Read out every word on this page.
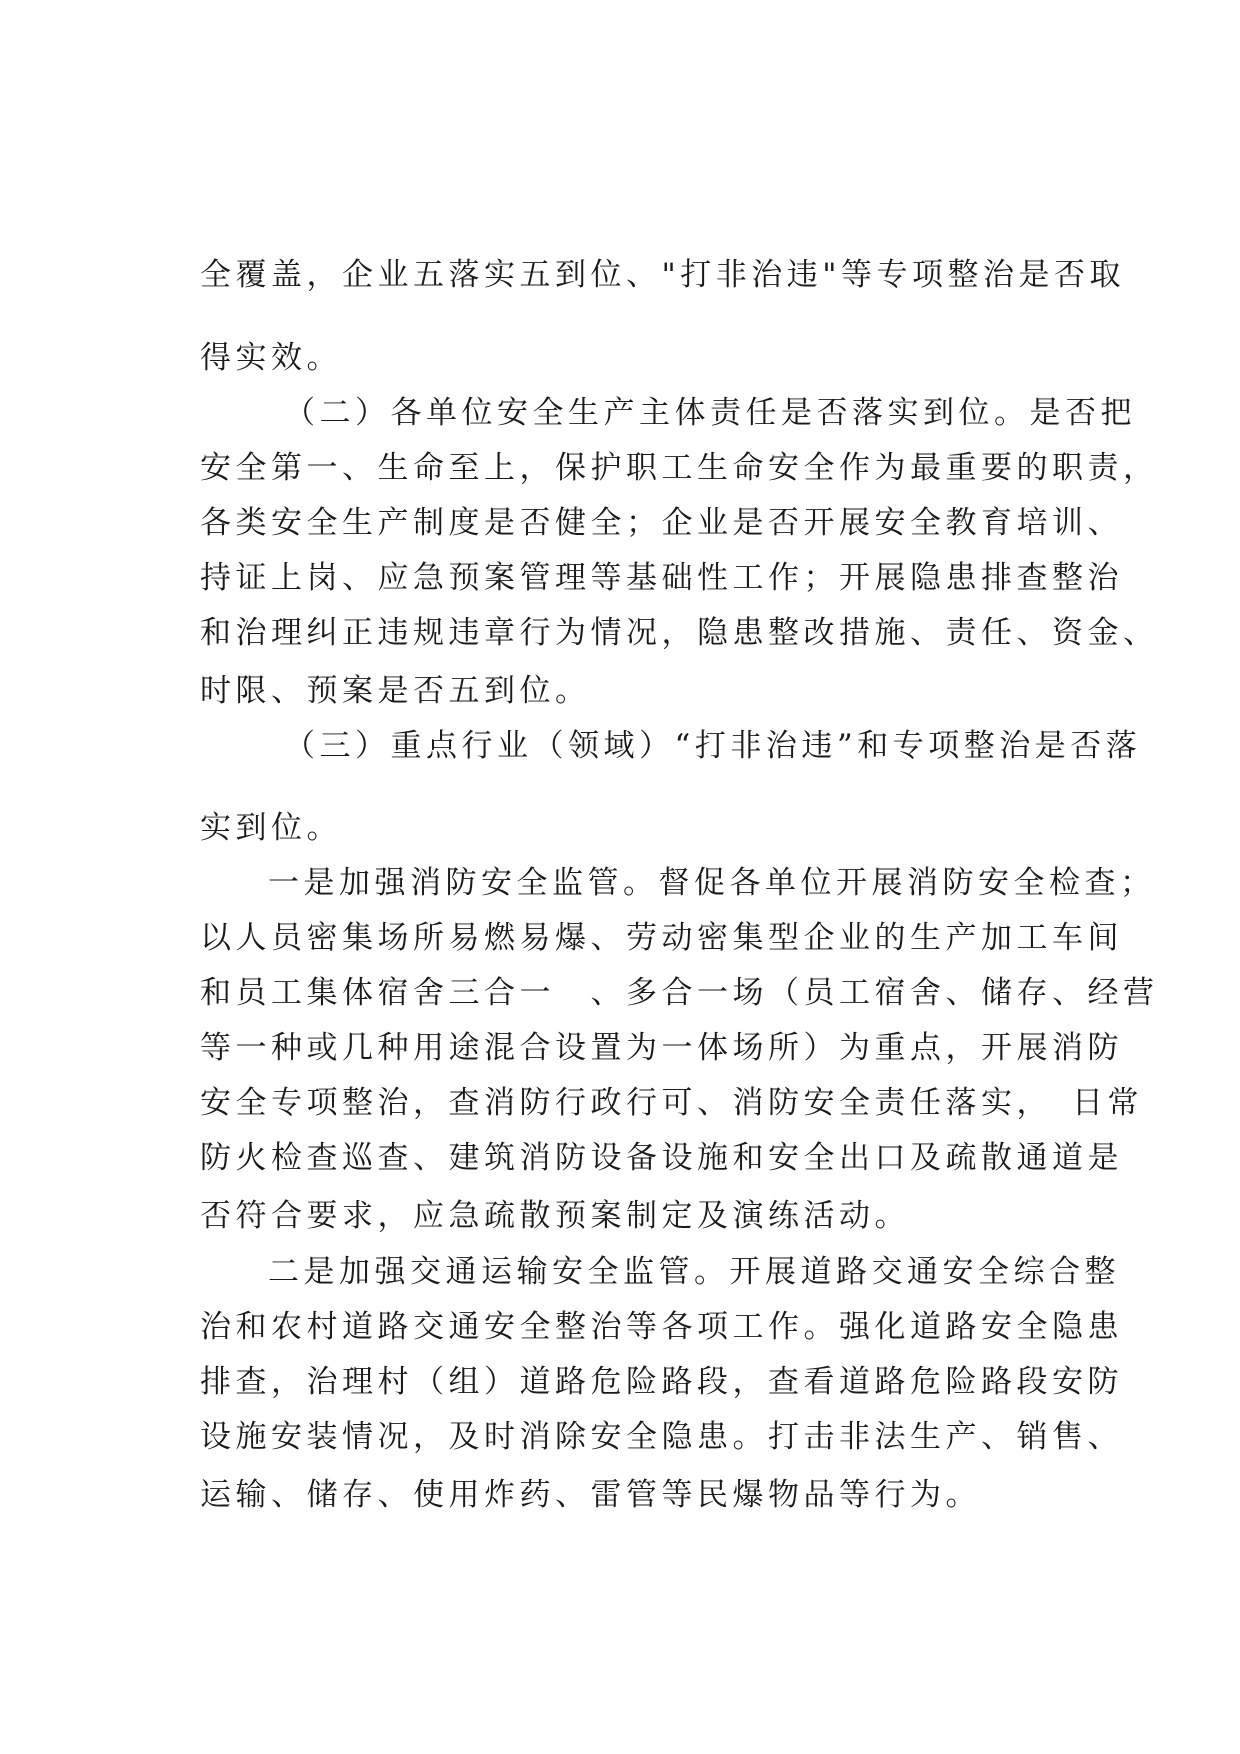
全覆盖，企业五落实五到位、"打非治违"等专项整治是否取
得实效。
（二）各单位安全生产主体责任是否落实到位。是否把
安全第一、生命至上，保护职工生命安全作为最重要的职责，
各类安全生产制度是否健全；企业是否开展安全教育培训、
持证上岗、应急预案管理等基础性工作；开展隐患排查整治
和治理纠正违规违章行为情况，隐患整改措施、责任、资金、
时限、预案是否五到位。
（三）重点行业（领域）“打非治违”和专项整治是否落
实到位。
一是加强消防安全监管。督促各单位开展消防安全检查；
以人员密集场所易燃易爆、劳动密集型企业的生产加工车间
和员工集体宿舍三合一　、多合一场（员工宿舍、储存、经营
等一种或几种用途混合设置为一体场所）为重点，开展消防
安全专项整治，查消防行政行可、消防安全责任落实，　日常
防火检查巡查、建筑消防设备设施和安全出口及疏散通道是
否符合要求，应急疏散预案制定及演练活动。
二是加强交通运输安全监管。开展道路交通安全综合整
治和农村道路交通安全整治等各项工作。强化道路安全隐患
排查，治理村（组）道路危险路段，查看道路危险路段安防
设施安装情况，及时消除安全隐患。打击非法生产、销售、
运输、储存、使用炸药、雷管等民爆物品等行为。
